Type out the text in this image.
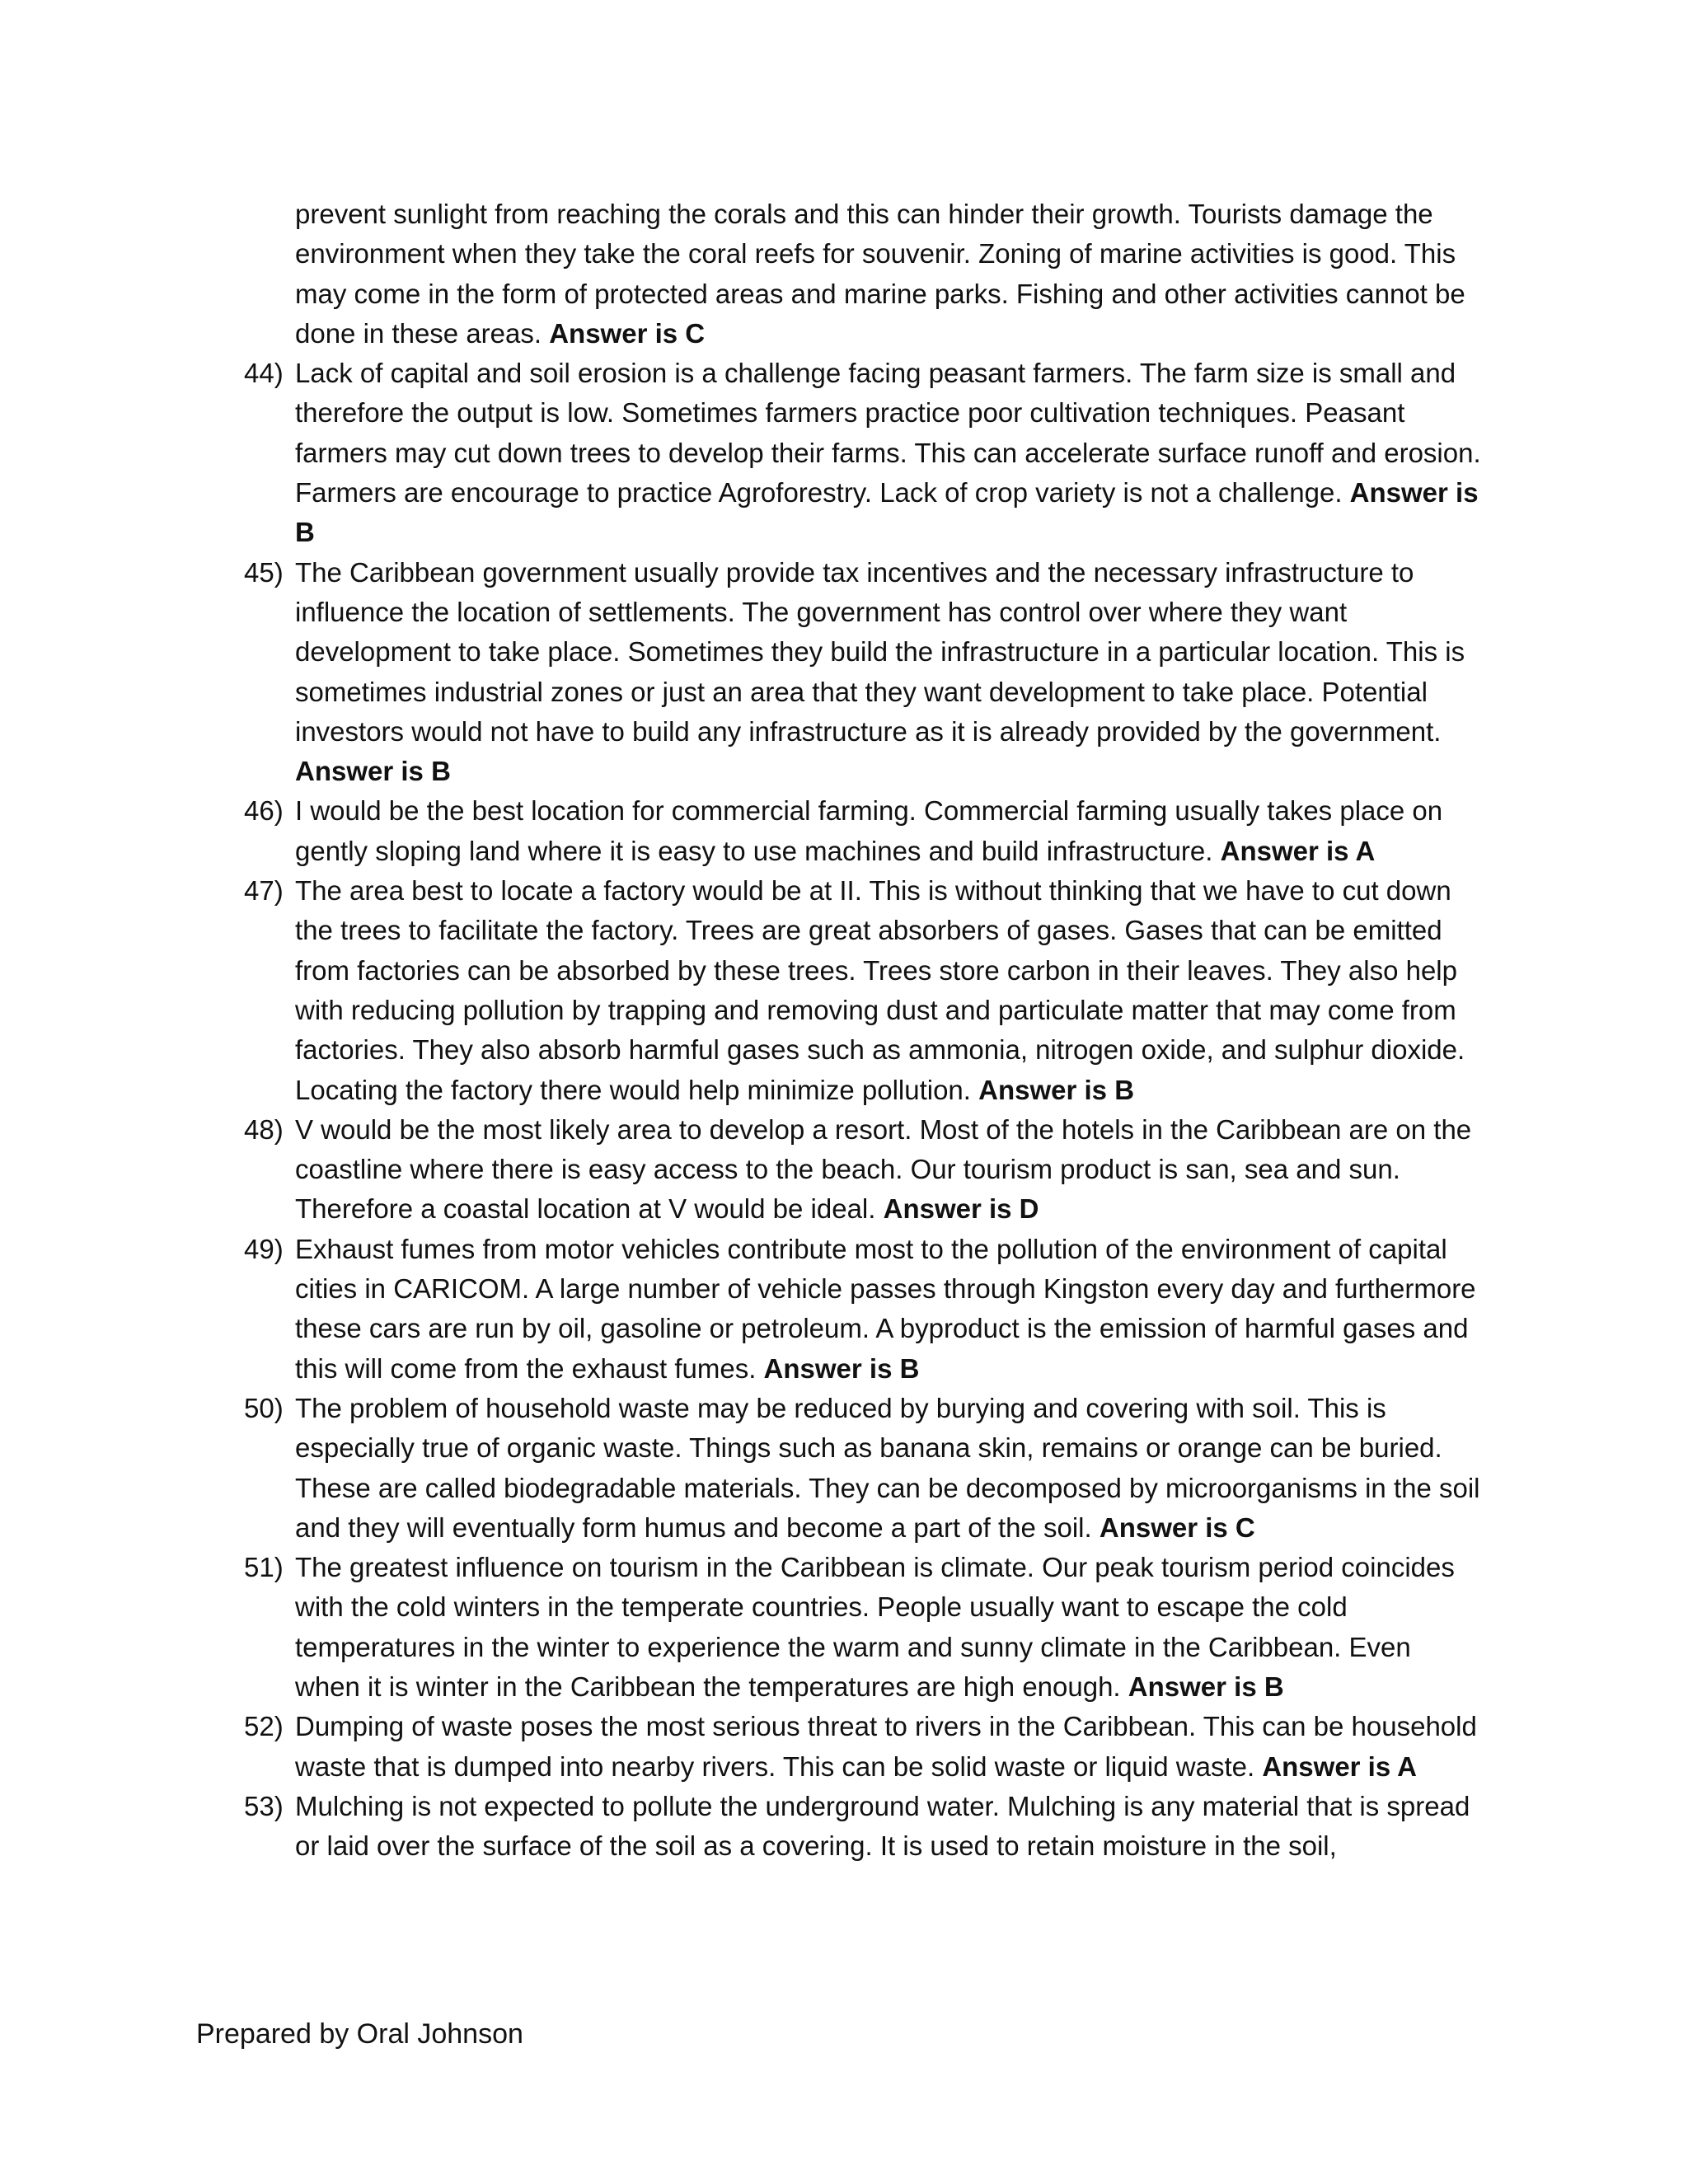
prevent sunlight from reaching the corals and this can hinder their growth. Tourists damage the environment when they take the coral reefs for souvenir. Zoning of marine activities is good. This may come in the form of protected areas and marine parks. Fishing and other activities cannot be done in these areas. Answer is C
44) Lack of capital and soil erosion is a challenge facing peasant farmers. The farm size is small and therefore the output is low. Sometimes farmers practice poor cultivation techniques. Peasant farmers may cut down trees to develop their farms. This can accelerate surface runoff and erosion. Farmers are encourage to practice Agroforestry. Lack of crop variety is not a challenge. Answer is B
45) The Caribbean government usually provide tax incentives and the necessary infrastructure to influence the location of settlements. The government has control over where they want development to take place. Sometimes they build the infrastructure in a particular location. This is sometimes industrial zones or just an area that they want development to take place. Potential investors would not have to build any infrastructure as it is already provided by the government. Answer is B
46) I would be the best location for commercial farming. Commercial farming usually takes place on gently sloping land where it is easy to use machines and build infrastructure. Answer is A
47) The area best to locate a factory would be at II. This is without thinking that we have to cut down the trees to facilitate the factory. Trees are great absorbers of gases. Gases that can be emitted from factories can be absorbed by these trees. Trees store carbon in their leaves. They also help with reducing pollution by trapping and removing dust and particulate matter that may come from factories. They also absorb harmful gases such as ammonia, nitrogen oxide, and sulphur dioxide. Locating the factory there would help minimize pollution. Answer is B
48) V would be the most likely area to develop a resort. Most of the hotels in the Caribbean are on the coastline where there is easy access to the beach. Our tourism product is san, sea and sun. Therefore a coastal location at V would be ideal. Answer is D
49) Exhaust fumes from motor vehicles contribute most to the pollution of the environment of capital cities in CARICOM. A large number of vehicle passes through Kingston every day and furthermore these cars are run by oil, gasoline or petroleum. A byproduct is the emission of harmful gases and this will come from the exhaust fumes. Answer is B
50) The problem of household waste may be reduced by burying and covering with soil. This is especially true of organic waste. Things such as banana skin, remains or orange can be buried. These are called biodegradable materials. They can be decomposed by microorganisms in the soil and they will eventually form humus and become a part of the soil. Answer is C
51) The greatest influence on tourism in the Caribbean is climate. Our peak tourism period coincides with the cold winters in the temperate countries. People usually want to escape the cold temperatures in the winter to experience the warm and sunny climate in the Caribbean. Even when it is winter in the Caribbean the temperatures are high enough. Answer is B
52) Dumping of waste poses the most serious threat to rivers in the Caribbean. This can be household waste that is dumped into nearby rivers. This can be solid waste or liquid waste. Answer is A
53) Mulching is not expected to pollute the underground water. Mulching is any material that is spread or laid over the surface of the soil as a covering. It is used to retain moisture in the soil,
Prepared by Oral Johnson
